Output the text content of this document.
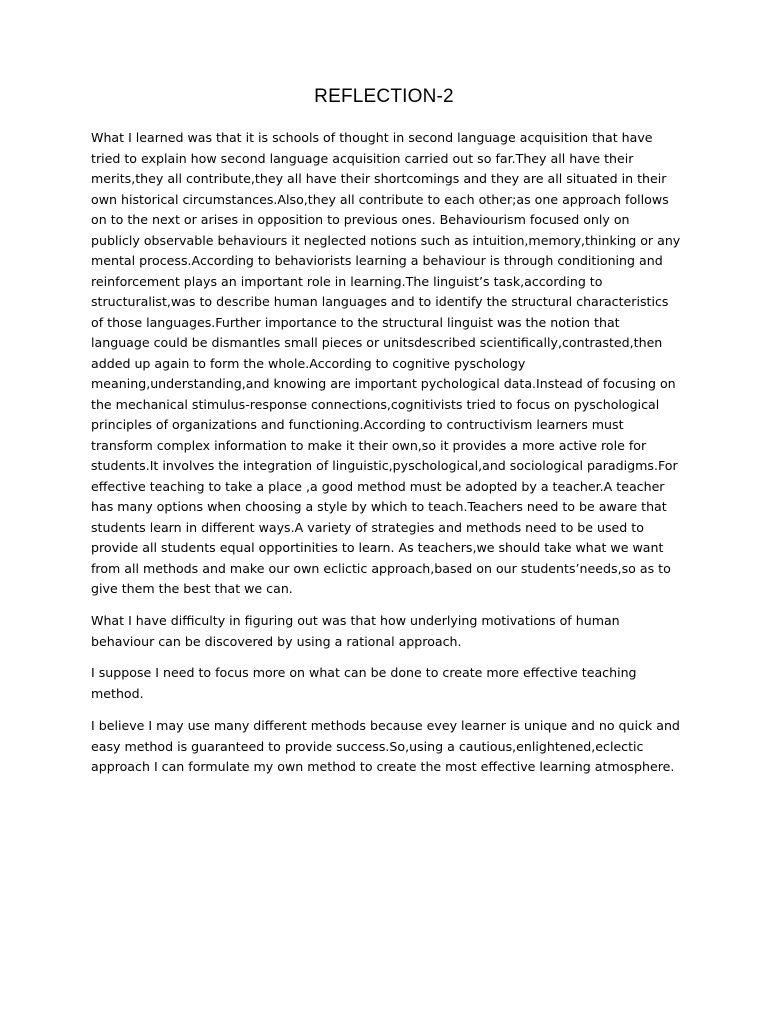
REFLECTION-2

What I learned was that it is schools of thought in second language acquisition that have
tried to explain how second language acquisition carried out so far.They all have their
merits,they all contribute,they all have their shortcomings and they are all situated in their
own historical circumstances.Also,they all contribute to each other;as one approach follows
on to the next or arises in opposition to previous ones. Behaviourism focused only on
publicly observable behaviours it neglected notions such as intuition,memory,thinking or any
mental process.According to behaviorists learning a behaviour is through conditioning and
reinforcement plays an important role in learning.The linguist’s task,according to
structuralist,was to describe human languages and to identify the structural characteristics
of those languages.Further importance to the structural linguist was the notion that
language could be dismantles small pieces or unitsdescribed scientifically,contrasted,then
added up again to form the whole.According to cognitive pyschology
meaning,understanding,and knowing are important pychological data.Instead of focusing on
the mechanical stimulus-response connections,cognitivists tried to focus on pyschological
principles of organizations and functioning.According to contructivism learners must
transform complex information to make it their own,so it provides a more active role for
students.It involves the integration of linguistic,pyschological,and sociological paradigms.For
effective teaching to take a place ,a good method must be adopted by a teacher.A teacher
has many options when choosing a style by which to teach.Teachers need to be aware that
students learn in different ways.A variety of strategies and methods need to be used to
provide all students equal opportinities to learn. As teachers,we should take what we want
from all methods and make our own eclictic approach,based on our students’needs,so as to
give them the best that we can.

What I have difficulty in figuring out was that how underlying motivations of human
behaviour can be discovered by using a rational approach.

I suppose I need to focus more on what can be done to create more effective teaching
method.

I believe I may use many different methods because evey learner is unique and no quick and
easy method is guaranteed to provide success.So,using a cautious,enlightened,eclectic
approach I can formulate my own method to create the most effective learning atmosphere.
